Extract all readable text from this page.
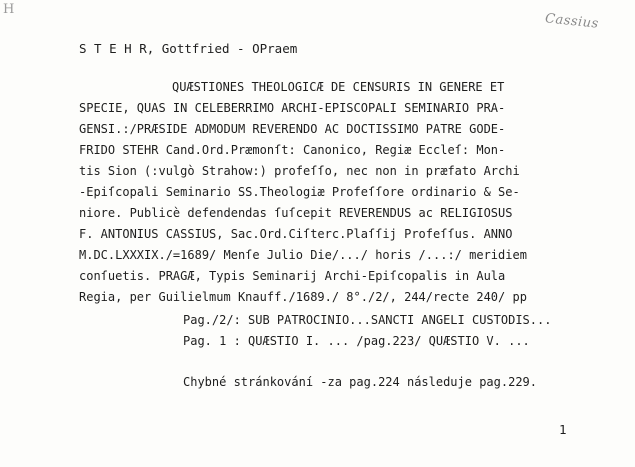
H
Cassius
S T E H R, Gottfried - OPraem
QUÆSTIONES THEOLOGICÆ DE CENSURIS IN GENERE ET
SPECIE, QUAS IN CELEBERRIMO ARCHI-EPISCOPALI SEMINARIO PRA-
GENSI.:/PRÆSIDE ADMODUM REVERENDO AC DOCTISSIMO PATRE GODE-
FRIDO STEHR Cand.Ord.Præmonſt: Canonico, Regiæ Eccleſ: Mon-
tis Sion (:vulgò Strahow:) profeſſo, nec non in præfato Archi
-Epiſcopali Seminario SS.Theologiæ Profeſſore ordinario & Se-
niore. Publicè defendendas ſuſcepit REVERENDUS ac RELIGIOSUS
F. ANTONIUS CASSIUS, Sac.Ord.Ciſterc.Plaſſij Profeſſus. ANNO
M.DC.LXXXIX./=1689/ Menſe Julio Die/.../ horis /...:/ meridiem
conſuetis. PRAGÆ, Typis Seminarij Archi-Epiſcopalis in Aula
Regia, per Guilielmum Knauff./1689./ 8°./2/, 244/recte 240/ pp
Pag./2/: SUB PATROCINIO...SANCTI ANGELI CUSTODIS...
Pag. 1 : QUÆSTIO I. ... /pag.223/ QUÆSTIO V. ...
Chybné stránkování -za pag.224 následuje pag.229.
1
